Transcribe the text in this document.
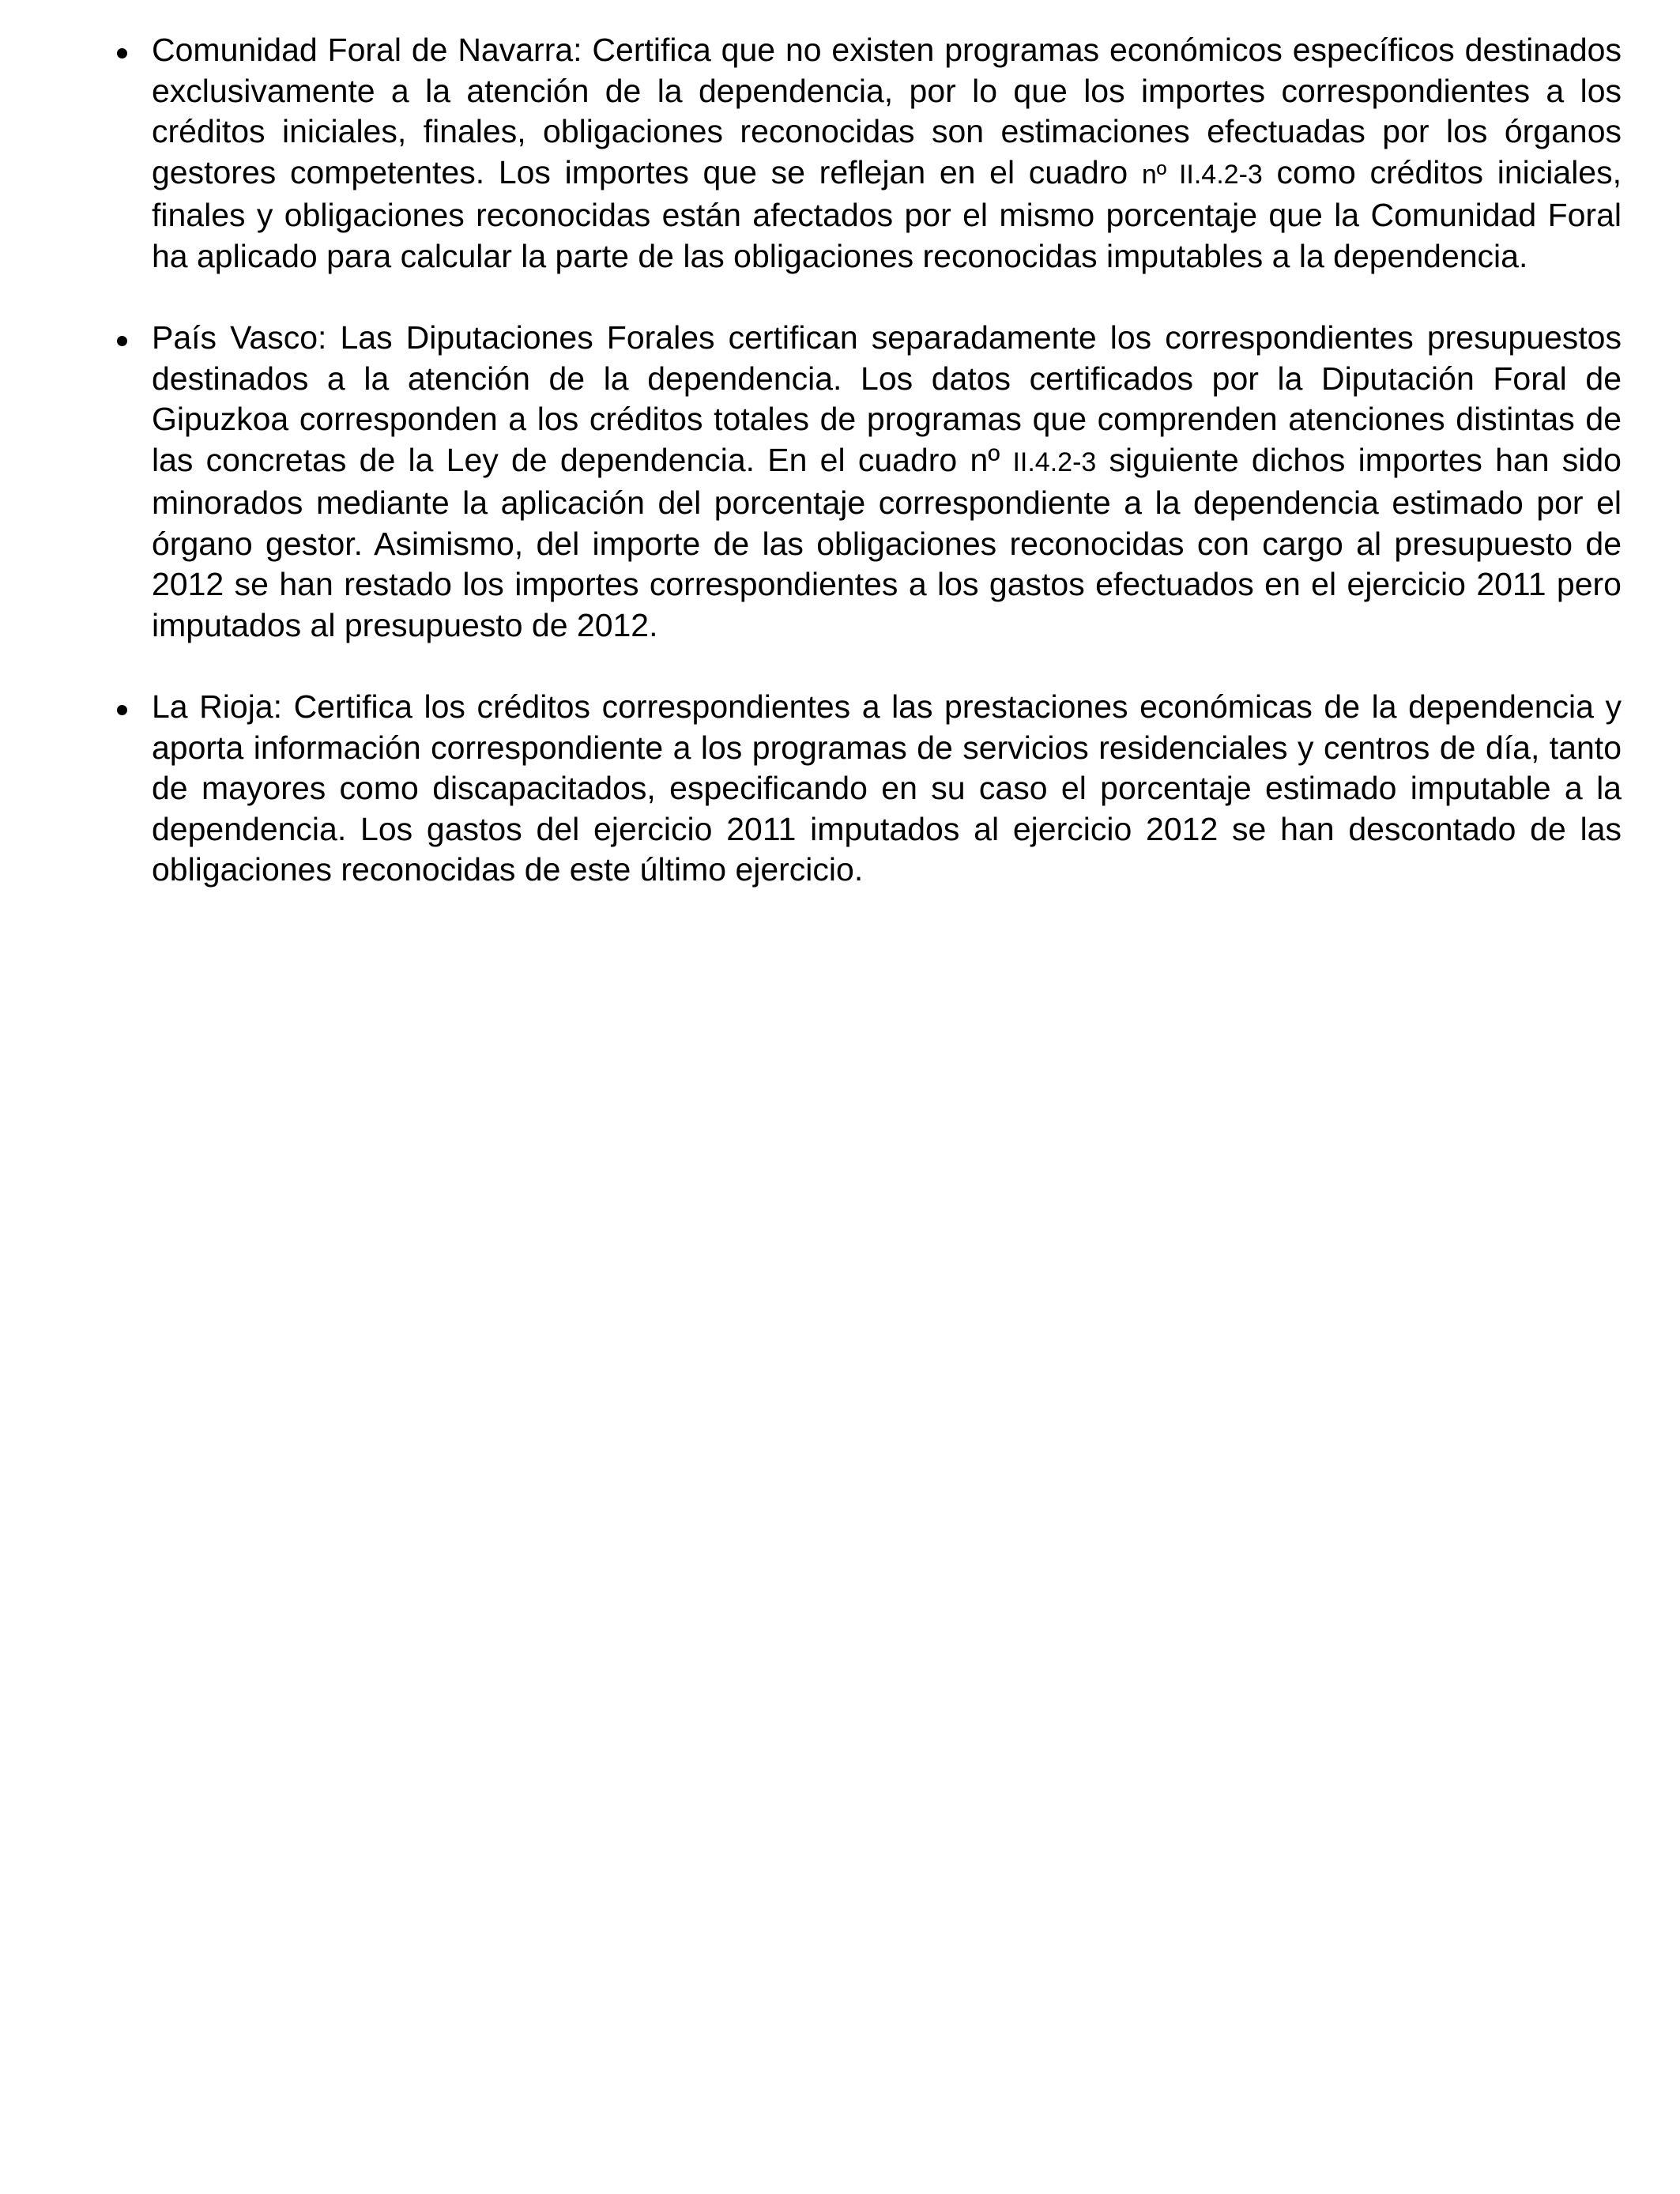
Comunidad Foral de Navarra: Certifica que no existen programas económicos específicos destinados exclusivamente a la atención de la dependencia, por lo que los importes correspondientes a los créditos iniciales, finales, obligaciones reconocidas son estimaciones efectuadas por los órganos gestores competentes. Los importes que se reflejan en el cuadro nº II.4.2-3 como créditos iniciales, finales y obligaciones reconocidas están afectados por el mismo porcentaje que la Comunidad Foral ha aplicado para calcular la parte de las obligaciones reconocidas imputables a la dependencia.
País Vasco: Las Diputaciones Forales certifican separadamente los correspondientes presupuestos destinados a la atención de la dependencia. Los datos certificados por la Diputación Foral de Gipuzkoa corresponden a los créditos totales de programas que comprenden atenciones distintas de las concretas de la Ley de dependencia. En el cuadro nº II.4.2-3 siguiente dichos importes han sido minorados mediante la aplicación del porcentaje correspondiente a la dependencia estimado por el órgano gestor. Asimismo, del importe de las obligaciones reconocidas con cargo al presupuesto de 2012 se han restado los importes correspondientes a los gastos efectuados en el ejercicio 2011 pero imputados al presupuesto de 2012.
La Rioja: Certifica los créditos correspondientes a las prestaciones económicas de la dependencia y aporta información correspondiente a los programas de servicios residenciales y centros de día, tanto de mayores como discapacitados, especificando en su caso el porcentaje estimado imputable a la dependencia. Los gastos del ejercicio 2011 imputados al ejercicio 2012 se han descontado de las obligaciones reconocidas de este último ejercicio.
